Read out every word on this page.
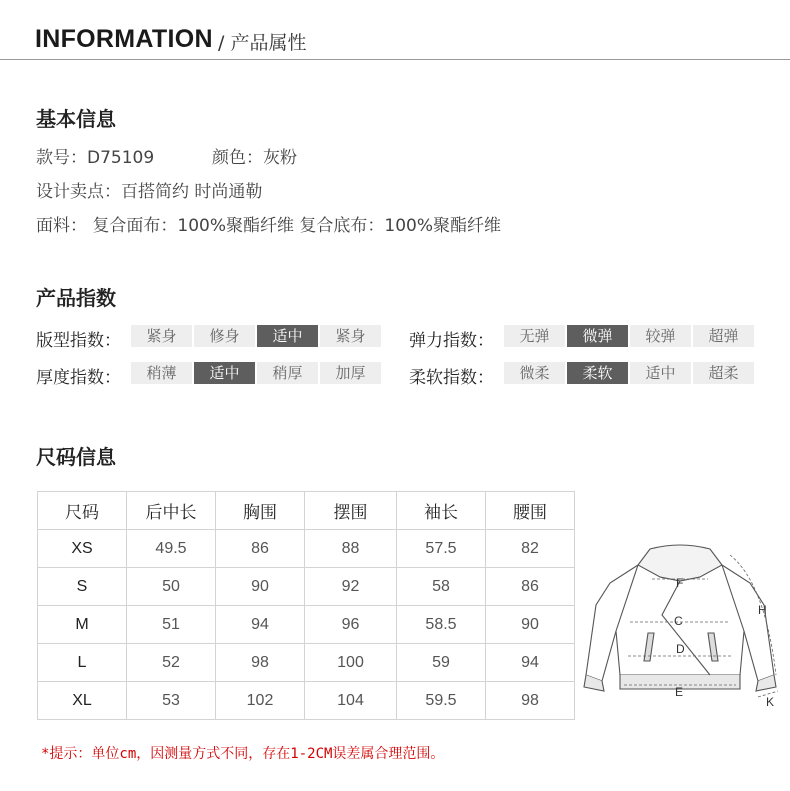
INFORMATION / 产品属性
基本信息
款号：D75109	颜色：灰粉
设计卖点：百搭简约 时尚通勒
面料： 复合面布：100%聚酯纤维 复合底布：100%聚酯纤维
产品指数
版型指数：	紧身	修身	适中	紧身
厚度指数：	稍薄	适中	稍厚	加厚
弹力指数：	无弹	微弹	较弹	超弹
柔软指数：	微柔	柔软	适中	超柔
尺码信息
尺码	后中长	胸围	摆围	袖长	腰围
XS	49.5	86	88	57.5	82
S	50	90	92	58	86
M	51	94	96	58.5	90
L	52	98	100	59	94
XL	53	102	104	59.5	98
F
C
D
E
H
K
*提示：单位cm，因测量方式不同，存在1-2CM误差属合理范围。
